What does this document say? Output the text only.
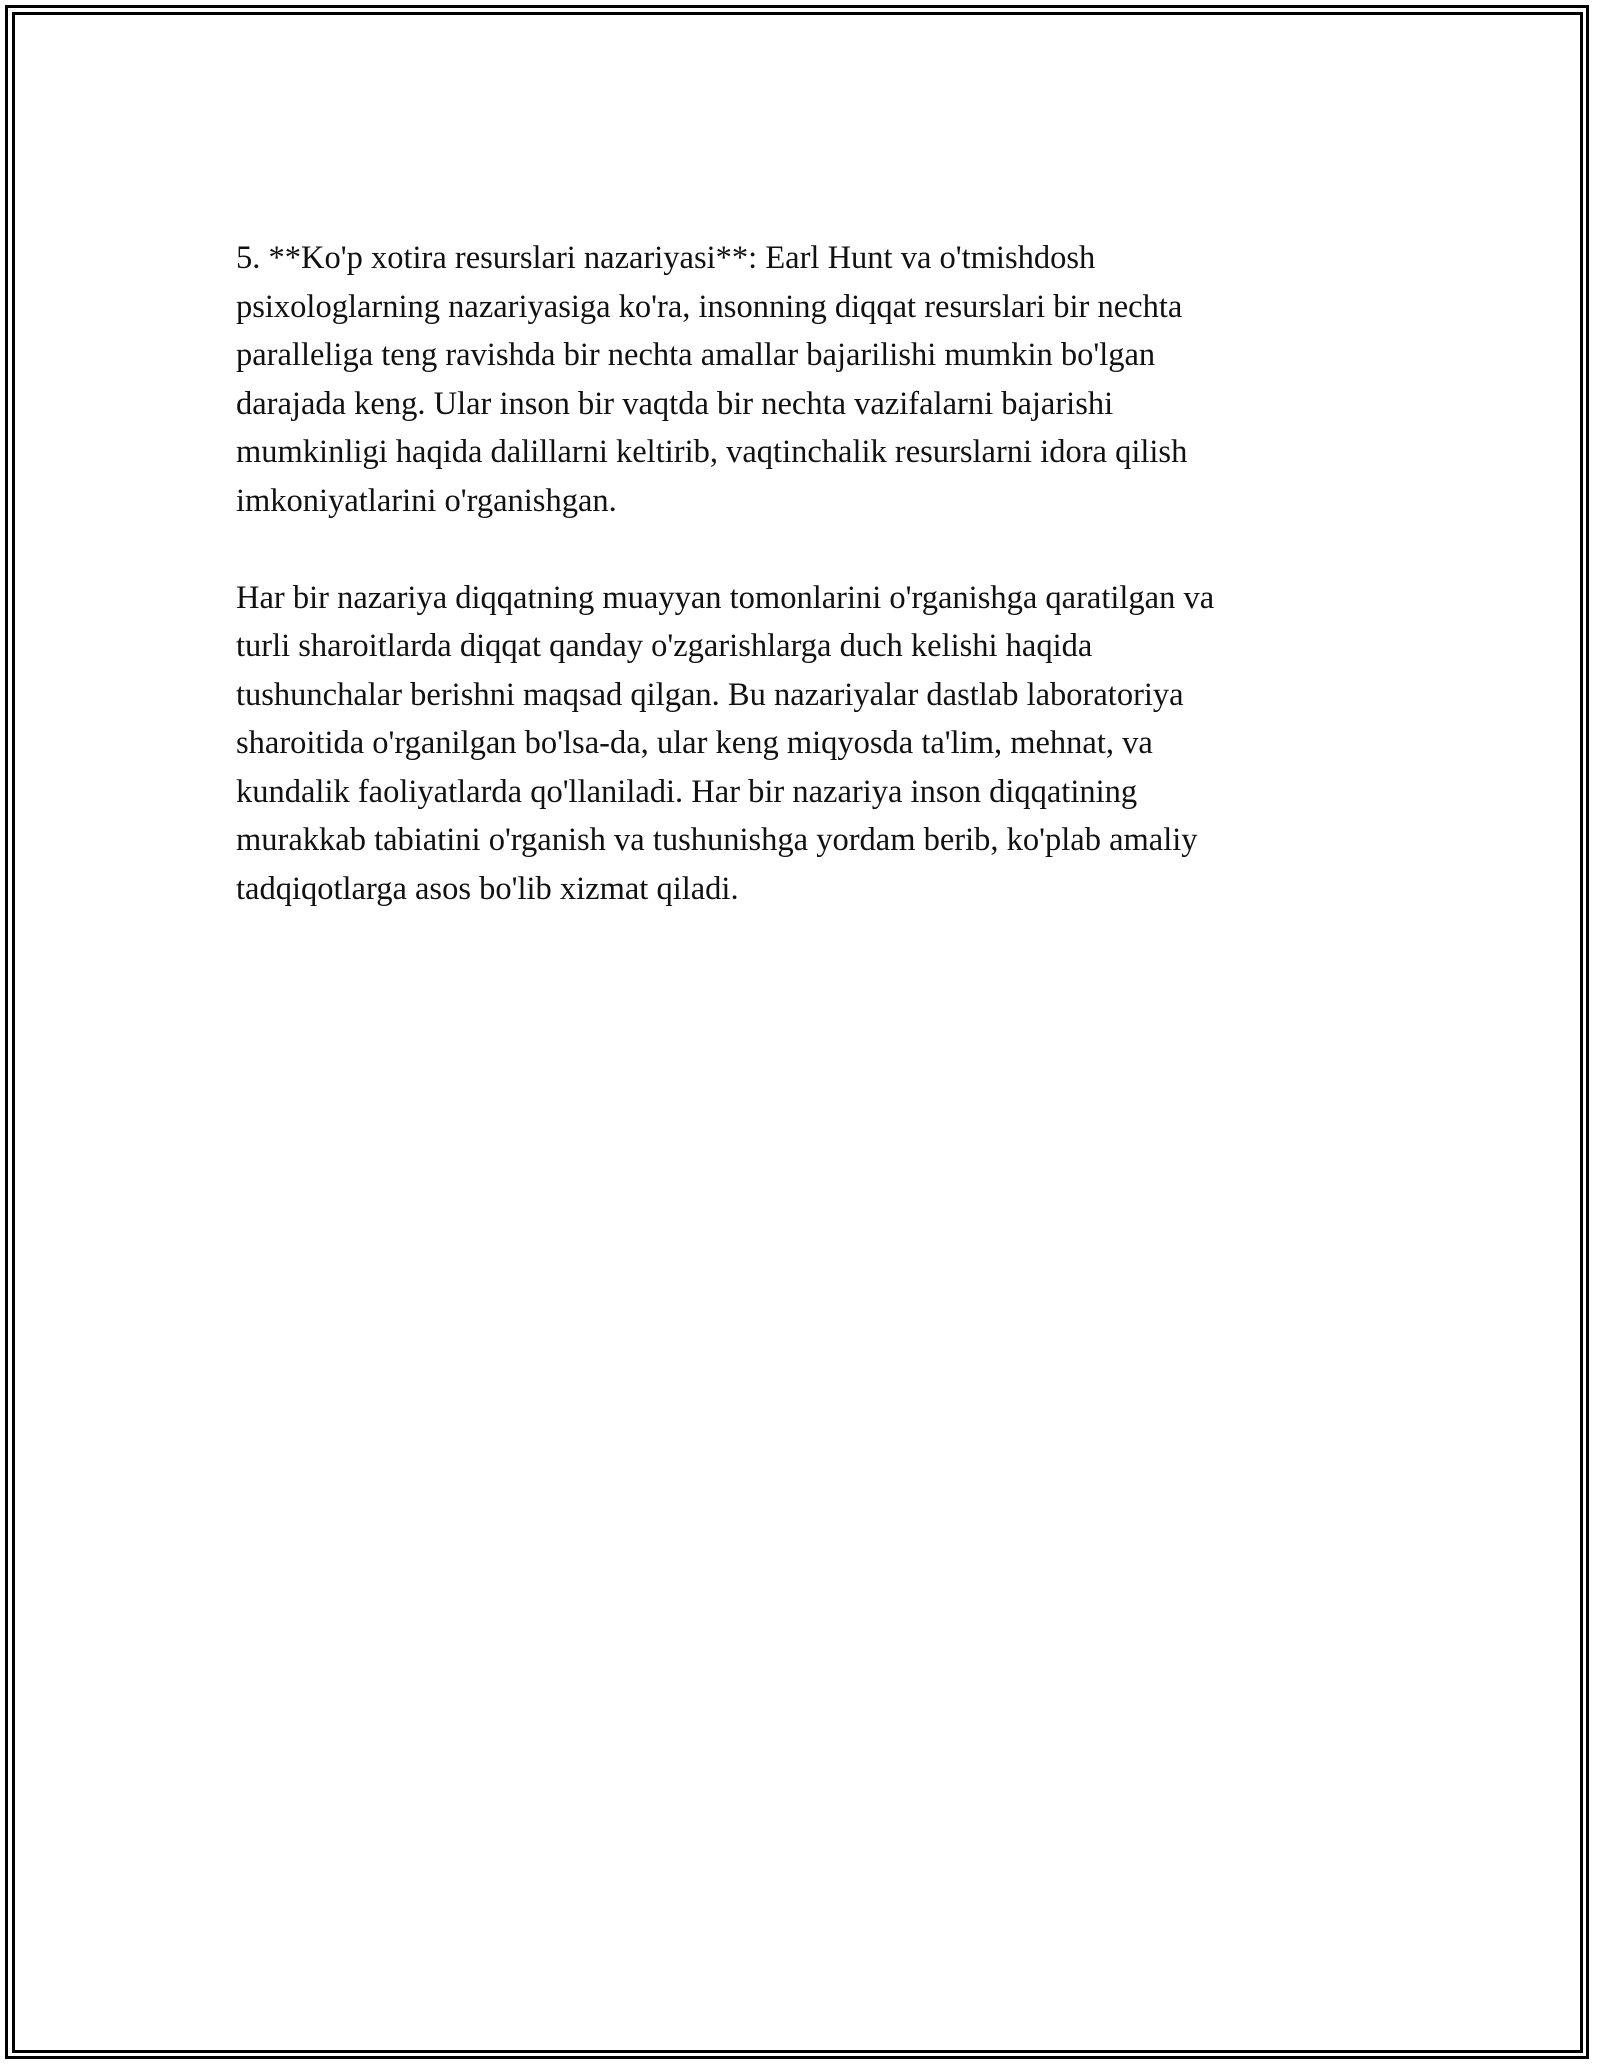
5. **Ko'p xotira resurslari nazariyasi**: Earl Hunt va o'tmishdosh

psixologlarning nazariyasiga ko'ra, insonning diqqat resurslari bir nechta

paralleliga teng ravishda bir nechta amallar bajarilishi mumkin bo'lgan

darajada keng. Ular inson bir vaqtda bir nechta vazifalarni bajarishi

mumkinligi haqida dalillarni keltirib, vaqtinchalik resurslarni idora qilish

imkoniyatlarini o'rganishgan.

Har bir nazariya diqqatning muayyan tomonlarini o'rganishga qaratilgan va

turli sharoitlarda diqqat qanday o'zgarishlarga duch kelishi haqida

tushunchalar berishni maqsad qilgan. Bu nazariyalar dastlab laboratoriya

sharoitida o'rganilgan bo'lsa-da, ular keng miqyosda ta'lim, mehnat, va

kundalik faoliyatlarda qo'llaniladi. Har bir nazariya inson diqqatining

murakkab tabiatini o'rganish va tushunishga yordam berib, ko'plab amaliy

tadqiqotlarga asos bo'lib xizmat qiladi.
